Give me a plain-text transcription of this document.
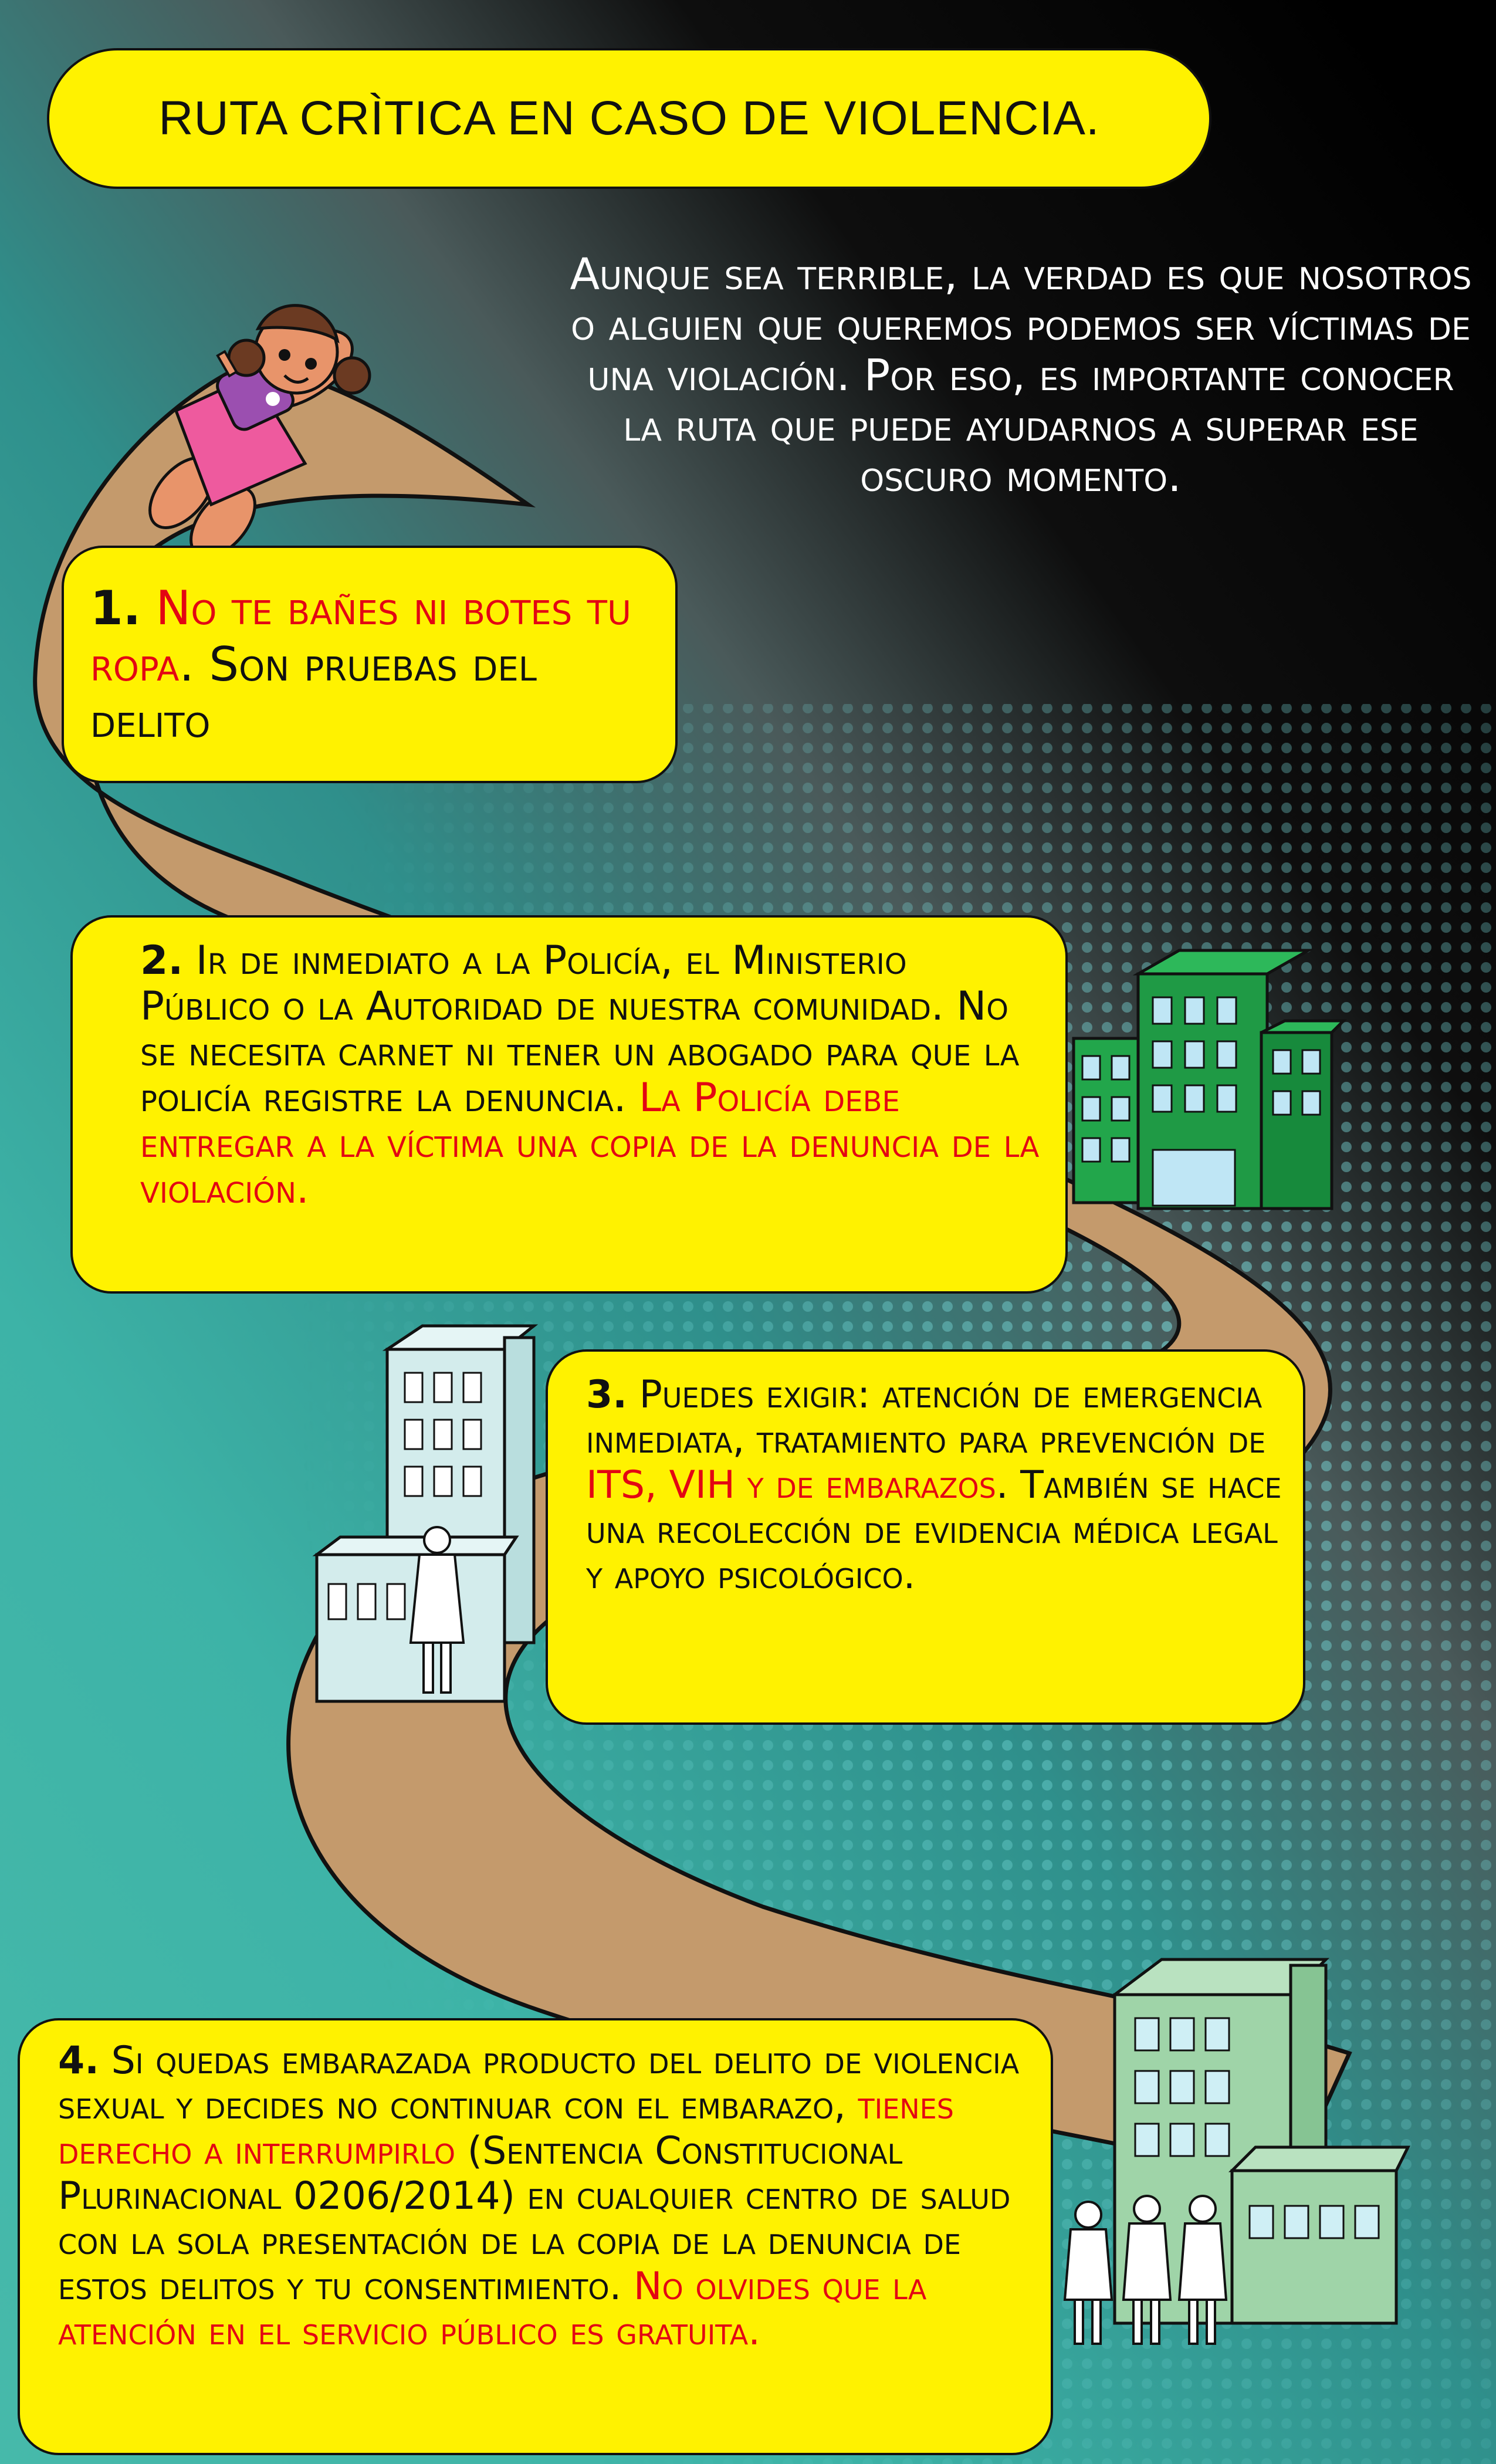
RUTA CRÌTICA EN CASO DE VIOLENCIA.
Aunque sea terrible, la verdad es que nosotros o alguien que queremos podemos ser víctimas de una violación. Por eso, es importante conocer la ruta que puede ayudarnos a superar ese oscuro momento.
1. No te bañes ni botes tu ropa. Son pruebas del delito
2. Ir de inmediato a la Policía, el Ministerio Público o la Autoridad de nuestra comunidad. No se necesita carnet ni tener un abogado para que la policía registre la denuncia. La Policía debe entregar a la víctima una copia de la denuncia de la violación.
3. Puedes exigir: atención de emergencia inmediata, tratamiento para prevención de ITS, VIH y de embarazos. También se hace una recolección de evidencia médica legal y apoyo psicológico.
4. Si quedas embarazada producto del delito de violencia sexual y decides no continuar con el embarazo, tienes derecho a interrumpirlo (Sentencia Constitucional Plurinacional 0206/2014) en cualquier centro de salud con la sola presentación de la copia de la denuncia de estos delitos y tu consentimiento. No olvides que la atención en el servicio público es gratuita.
